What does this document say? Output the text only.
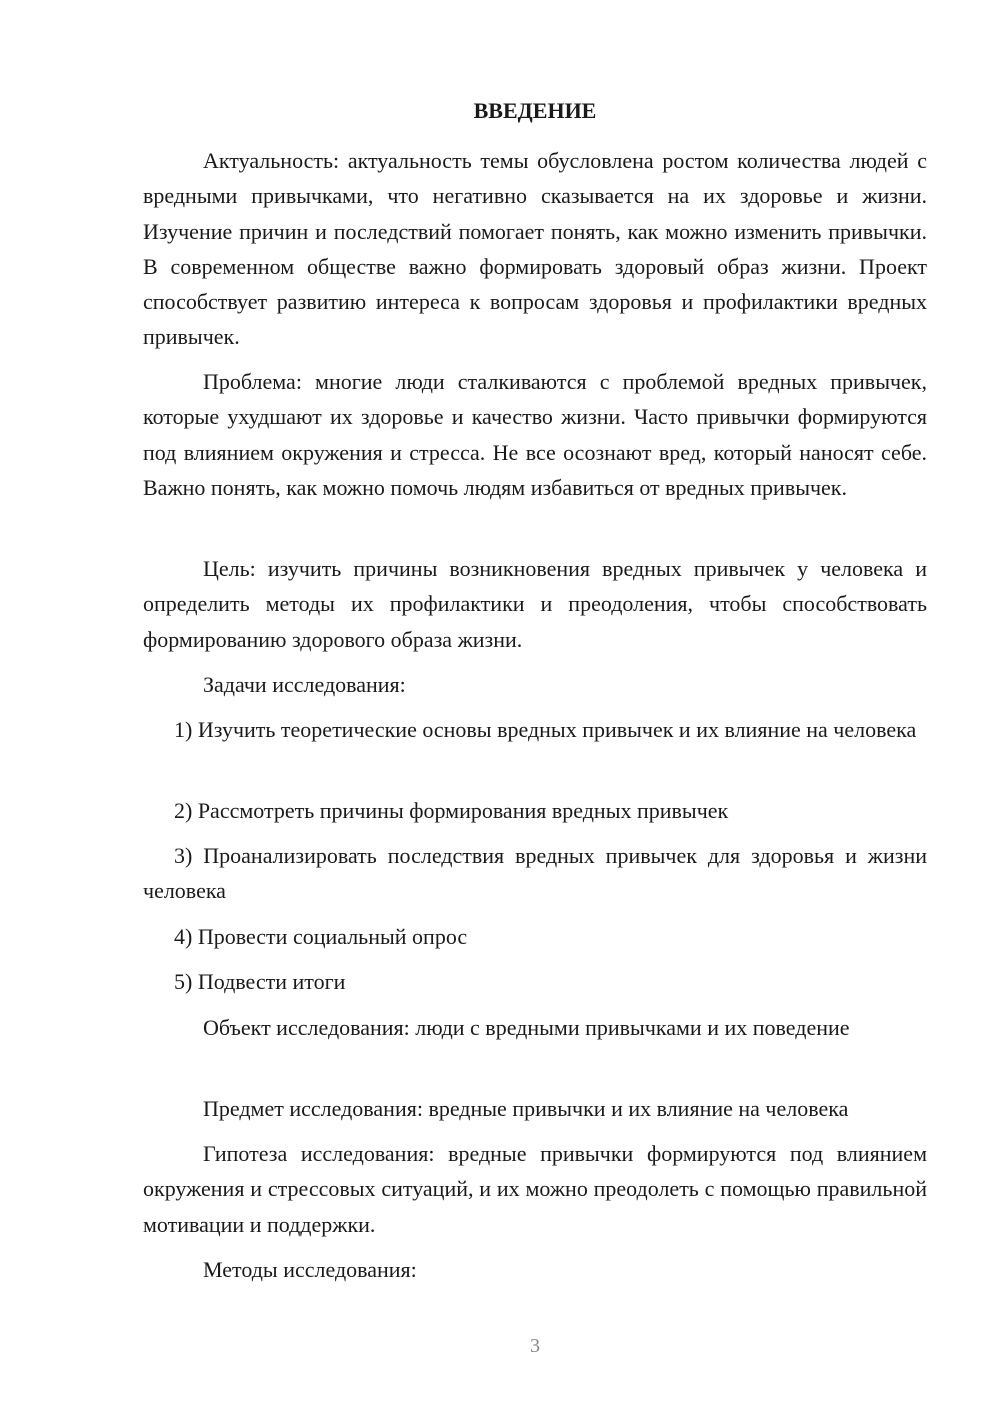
ВВЕДЕНИЕ

Актуальность: актуальность темы обусловлена ростом количества людей с вредными привычками, что негативно сказывается на их здоровье и жизни. Изучение причин и последствий помогает понять, как можно изменить привычки. В современном обществе важно формировать здоровый образ жизни. Проект способствует развитию интереса к вопросам здоровья и профилактики вредных привычек.

Проблема: многие люди сталкиваются с проблемой вредных привычек, которые ухудшают их здоровье и качество жизни. Часто привычки формируются под влиянием окружения и стресса. Не все осознают вред, который наносят себе. Важно понять, как можно помочь людям избавиться от вредных привычек.

Цель: изучить причины возникновения вредных привычек у человека и определить методы их профилактики и преодоления, чтобы способствовать формированию здорового образа жизни.

Задачи исследования:

1) Изучить теоретические основы вредных привычек и их влияние на человека

2) Рассмотреть причины формирования вредных привычек

3) Проанализировать последствия вредных привычек для здоровья и жизни человека

4) Провести социальный опрос

5) Подвести итоги

Объект исследования: люди с вредными привычками и их поведение

Предмет исследования: вредные привычки и их влияние на человека

Гипотеза исследования: вредные привычки формируются под влиянием окружения и стрессовых ситуаций, и их можно преодолеть с помощью правильной мотивации и поддержки.

Методы исследования:

3
